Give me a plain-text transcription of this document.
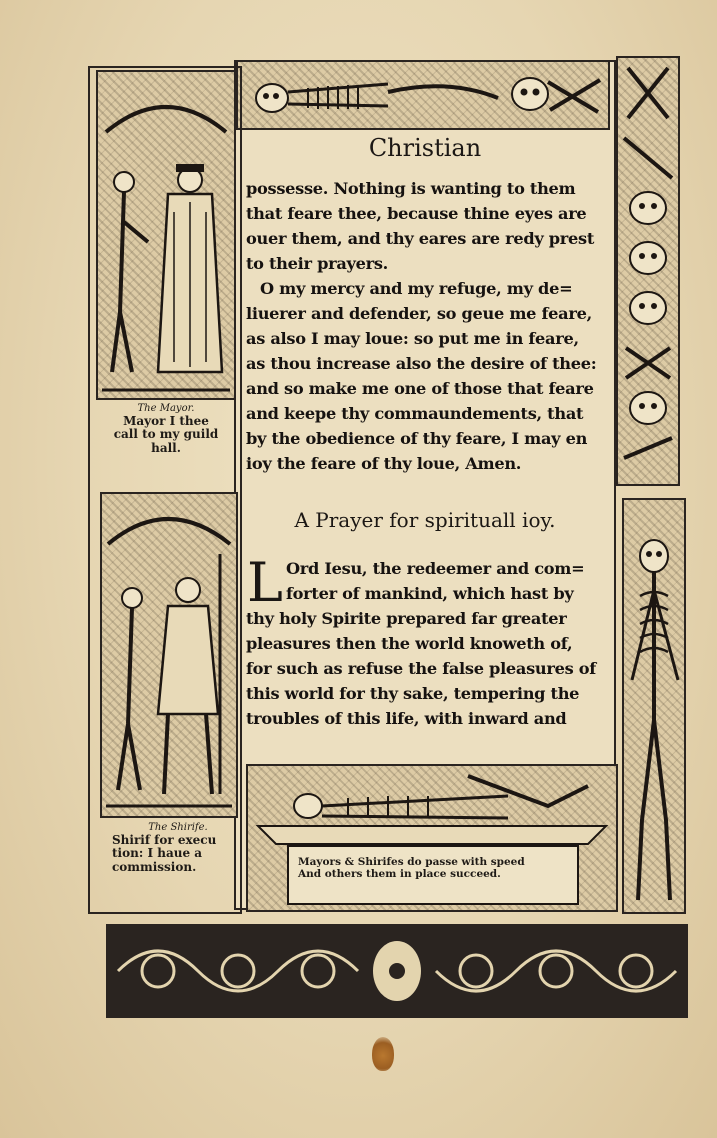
Christian
possesse. Nothing is wanting to them
that feare thee, because thine eyes are
ouer them, and thy eares are redy prest
to their prayers.
O my mercy and my refuge, my de=
liuerer and defender, so geue me feare,
as also I may loue: so put me in feare,
as thou increase also the desire of thee:
and so make me one of those that feare
and keepe thy commaundements, that
by the obedience of thy feare, I may en
ioy the feare of thy loue, Amen.
A Prayer for spirituall ioy.
L Ord Iesu, the redeemer and com=
forter of mankind, which hast by
thy holy Spirite prepared far greater
pleasures then the world knoweth of,
for such as refuse the false pleasures of
this world for thy sake, tempering the
troubles of this life, with inward and
The Mayor.
Mayor I thee
call to my guild
hall.
The Shirife.
Shirif for execu
tion: I haue a
commission.	Mayors & Shirifes do passe with speed
And others them in place succeed.
